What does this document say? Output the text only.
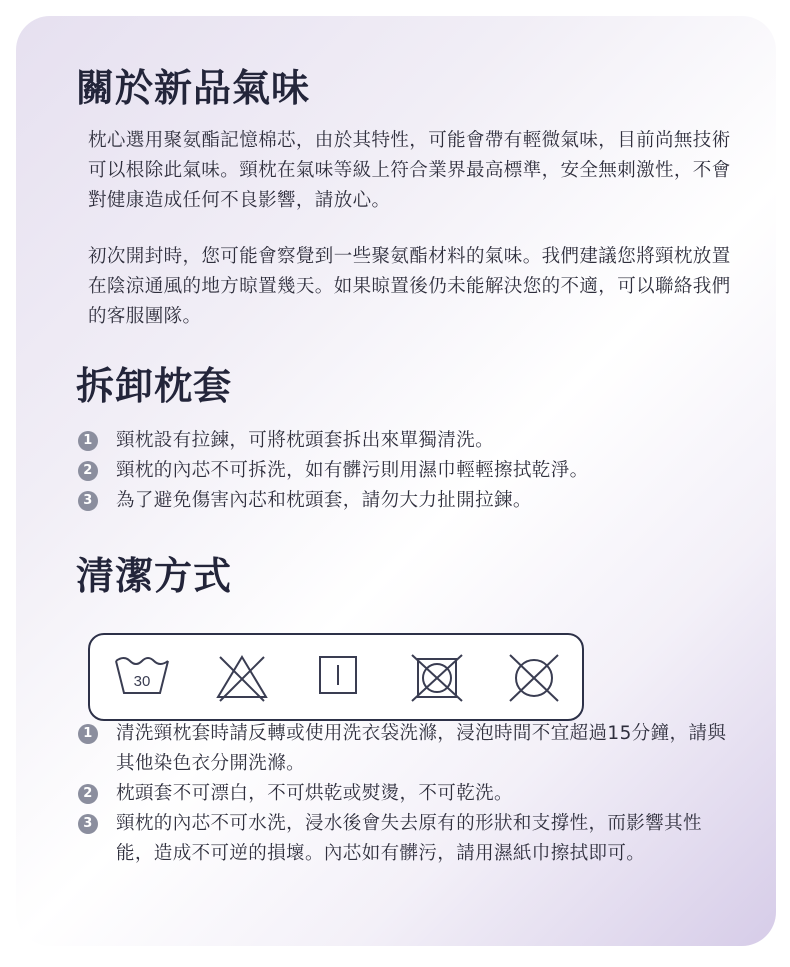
關於新品氣味

枕心選用聚氨酯記憶棉芯，由於其特性，可能會帶有輕微氣味，目前尚無技術可以根除此氣味。頸枕在氣味等級上符合業界最高標準，安全無刺激性，不會對健康造成任何不良影響，請放心。

初次開封時，您可能會察覺到一些聚氨酯材料的氣味。我們建議您將頸枕放置在陰涼通風的地方晾置幾天。如果晾置後仍未能解決您的不適，可以聯絡我們的客服團隊。

拆卸枕套
1 頸枕設有拉鍊，可將枕頭套拆出來單獨清洗。
2 頸枕的內芯不可拆洗，如有髒污則用濕巾輕輕擦拭乾淨。
3 為了避免傷害內芯和枕頭套，請勿大力扯開拉鍊。
清潔方式
30
1 清洗頸枕套時請反轉或使用洗衣袋洗滌，浸泡時間不宜超過15分鐘，請與其他染色衣分開洗滌。
2 枕頭套不可漂白，不可烘乾或熨燙，不可乾洗。
3 頸枕的內芯不可水洗，浸水後會失去原有的形狀和支撐性，而影響其性能，造成不可逆的損壞。內芯如有髒污，請用濕紙巾擦拭即可。
